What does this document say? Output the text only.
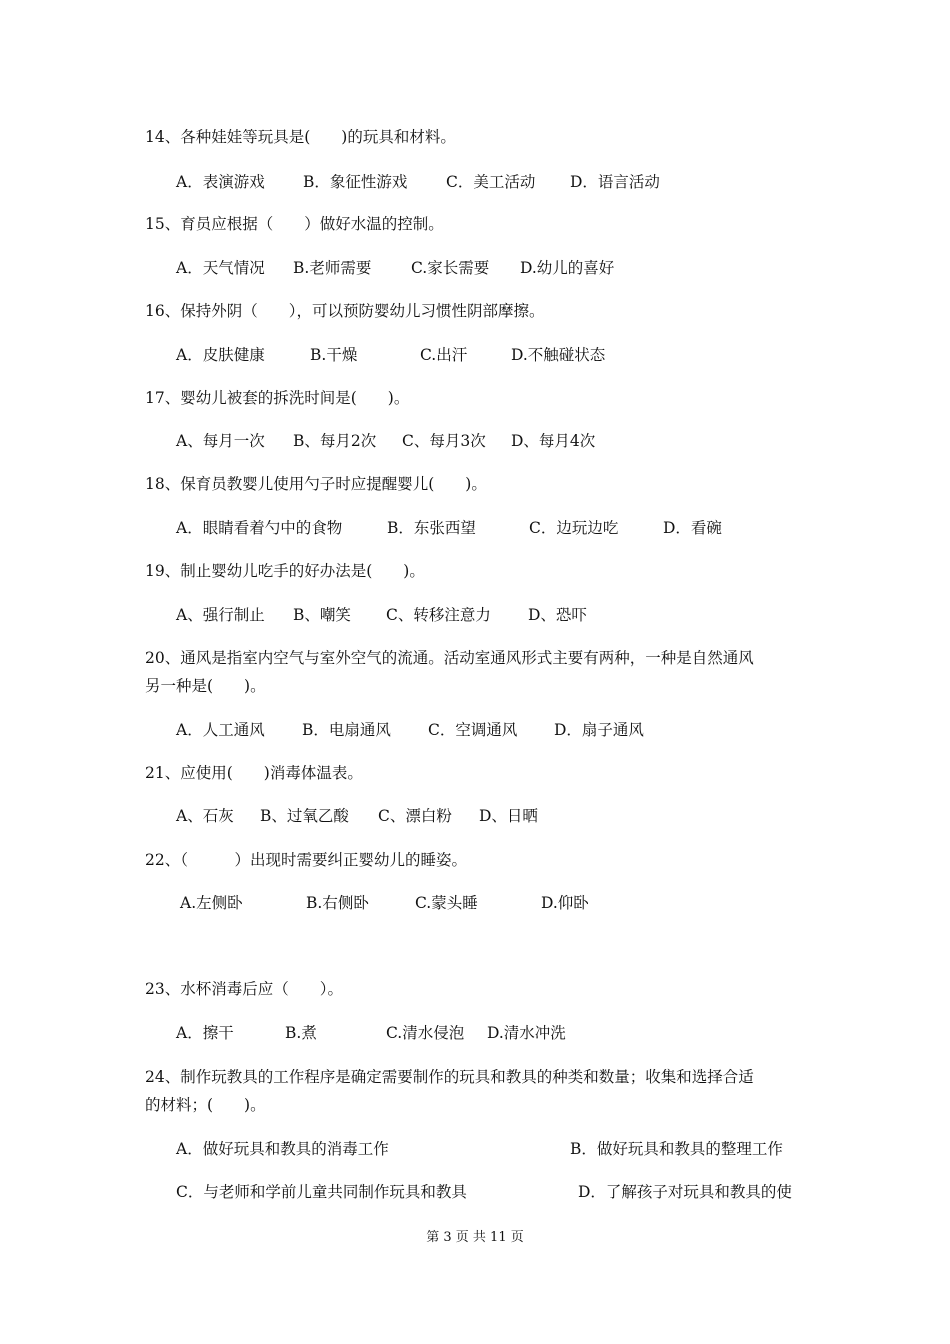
14、各种娃娃等玩具是(　　)的玩具和材料。
A．表演游戏 B．象征性游戏 C．美工活动 D．语言活动
15、育员应根据（　　）做好水温的控制。
A．天气情况 B.老师需要	C.家长需要 D.幼儿的喜好
16、保持外阴（　　），可以预防婴幼儿习惯性阴部摩擦。
A．皮肤健康	B.干燥	C.出汗	D.不触碰状态
17、婴幼儿被套的拆洗时间是(　　)。
A、每月一次 B、每月2次 C、每月3次 D、每月4次
18、保育员教婴儿使用勺子时应提醒婴儿(　　)。
A．眼睛看着勺中的食物	B．东张西望	C．边玩边吃	D．看碗
19、制止婴幼儿吃手的好办法是(　　)。
A、强行制止 B、嘲笑 C、转移注意力 D、恐吓
20、通风是指室内空气与室外空气的流通。活动室通风形式主要有两种，一种是自然通风
另一种是(　　)。
A．人工通风 B．电扇通风 C．空调通风 D．扇子通风
21、应使用(　　)消毒体温表。
A、石灰 B、过氧乙酸 C、漂白粉 D、日晒
22、（　　　）出现时需要纠正婴幼儿的睡姿。
A.左侧卧	B.右侧卧	C.蒙头睡	D.仰卧
23、水杯消毒后应（　　）。
A．擦干	B.煮	C.清水侵泡 D.清水冲洗
24、制作玩教具的工作程序是确定需要制作的玩具和教具的种类和数量；收集和选择合适
的材料；(　　)。
A．做好玩具和教具的消毒工作	B．做好玩具和教具的整理工作
C．与老师和学前儿童共同制作玩具和教具	D．了解孩子对玩具和教具的使
第 3 页 共 11 页
